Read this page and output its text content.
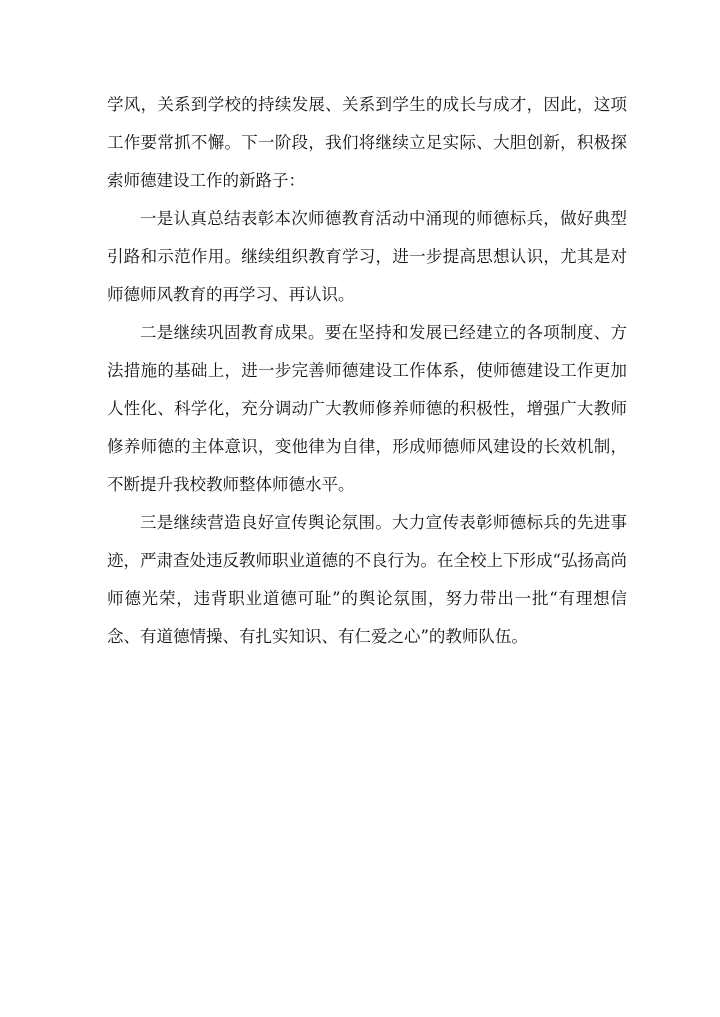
学风，关系到学校的持续发展、关系到学生的成长与成才，因此，这项工作要常抓不懈。下一阶段，我们将继续立足实际、大胆创新，积极探索师德建设工作的新路子：

一是认真总结表彰本次师德教育活动中涌现的师德标兵，做好典型引路和示范作用。继续组织教育学习，进一步提高思想认识，尤其是对师德师风教育的再学习、再认识。

二是继续巩固教育成果。要在坚持和发展已经建立的各项制度、方法措施的基础上，进一步完善师德建设工作体系，使师德建设工作更加人性化、科学化，充分调动广大教师修养师德的积极性，增强广大教师修养师德的主体意识，变他律为自律，形成师德师风建设的长效机制，不断提升我校教师整体师德水平。

三是继续营造良好宣传舆论氛围。大力宣传表彰师德标兵的先进事迹，严肃查处违反教师职业道德的不良行为。在全校上下形成“弘扬高尚师德光荣，违背职业道德可耻”的舆论氛围，努力带出一批“有理想信念、有道德情操、有扎实知识、有仁爱之心”的教师队伍。
